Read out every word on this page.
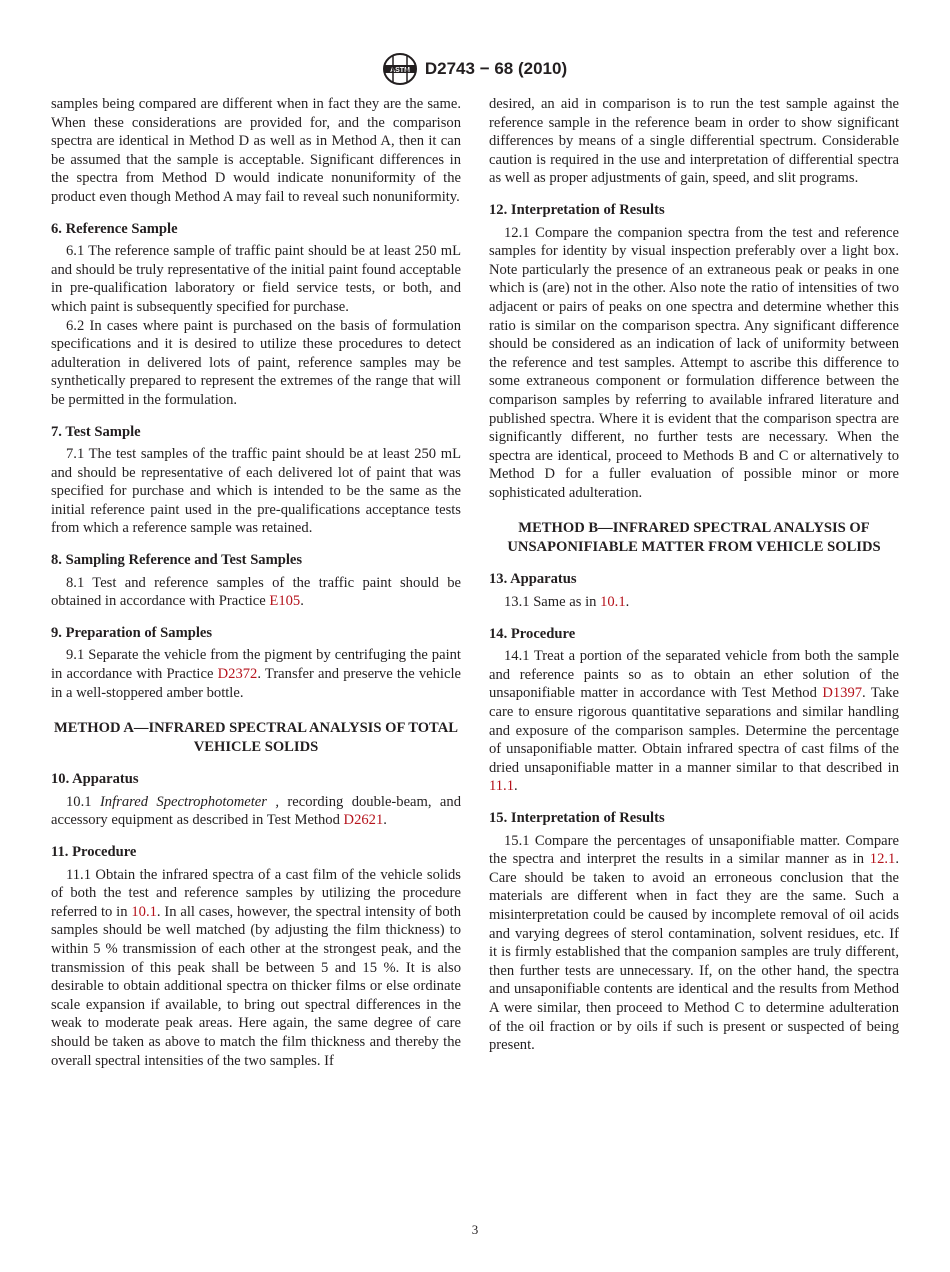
ASTM D2743 − 68 (2010)

samples being compared are different when in fact they are the same. When these considerations are provided for, and the comparison spectra are identical in Method D as well as in Method A, then it can be assumed that the sample is acceptable. Significant differences in the spectra from Method D would indicate nonuniformity of the product even though Method A may fail to reveal such nonuniformity.

6. Reference Sample

6.1 The reference sample of traffic paint should be at least 250 mL and should be truly representative of the initial paint found acceptable in pre-qualification laboratory or field service tests, or both, and which paint is subsequently specified for purchase.

6.2 In cases where paint is purchased on the basis of formulation specifications and it is desired to utilize these procedures to detect adulteration in delivered lots of paint, reference samples may be synthetically prepared to represent the extremes of the range that will be permitted in the formulation.

7. Test Sample

7.1 The test samples of the traffic paint should be at least 250 mL and should be representative of each delivered lot of paint that was specified for purchase and which is intended to be the same as the initial reference paint used in the pre-qualifications acceptance tests from which a reference sample was retained.

8. Sampling Reference and Test Samples

8.1 Test and reference samples of the traffic paint should be obtained in accordance with Practice E105.

9. Preparation of Samples

9.1 Separate the vehicle from the pigment by centrifuging the paint in accordance with Practice D2372. Transfer and preserve the vehicle in a well-stoppered amber bottle.

METHOD A—INFRARED SPECTRAL ANALYSIS OF TOTAL VEHICLE SOLIDS
10. Apparatus

10.1 Infrared Spectrophotometer , recording double-beam, and accessory equipment as described in Test Method D2621.

11. Procedure

11.1 Obtain the infrared spectra of a cast film of the vehicle solids of both the test and reference samples by utilizing the procedure referred to in 10.1. In all cases, however, the spectral intensity of both samples should be well matched (by adjusting the film thickness) to within 5 % transmission of each other at the strongest peak, and the transmission of this peak shall be between 5 and 15 %. It is also desirable to obtain additional spectra on thicker films or else ordinate scale expansion if available, to bring out spectral differences in the weak to moderate peak areas. Here again, the same degree of care should be taken as above to match the film thickness and thereby the overall spectral intensities of the two samples. If

desired, an aid in comparison is to run the test sample against the reference sample in the reference beam in order to show significant differences by means of a single differential spectrum. Considerable caution is required in the use and interpretation of differential spectra as well as proper adjustments of gain, speed, and slit programs.

12. Interpretation of Results

12.1 Compare the companion spectra from the test and reference samples for identity by visual inspection preferably over a light box. Note particularly the presence of an extraneous peak or peaks in one which is (are) not in the other. Also note the ratio of intensities of two adjacent or pairs of peaks on one spectra and determine whether this ratio is similar on the comparison spectra. Any significant difference should be considered as an indication of lack of uniformity between the reference and test samples. Attempt to ascribe this difference to some extraneous component or formulation difference between the comparison samples by referring to available infrared literature and published spectra. Where it is evident that the comparison spectra are significantly different, no further tests are necessary. When the spectra are identical, proceed to Methods B and C or alternatively to Method D for a fuller evaluation of possible minor or more sophisticated adulteration.

METHOD B—INFRARED SPECTRAL ANALYSIS OF UNSAPONIFIABLE MATTER FROM VEHICLE SOLIDS
13. Apparatus

13.1 Same as in 10.1.

14. Procedure

14.1 Treat a portion of the separated vehicle from both the sample and reference paints so as to obtain an ether solution of the unsaponifiable matter in accordance with Test Method D1397. Take care to ensure rigorous quantitative separations and similar handling and exposure of the comparison samples. Determine the percentage of unsaponifiable matter. Obtain infrared spectra of cast films of the dried unsaponifiable matter in a manner similar to that described in 11.1.

15. Interpretation of Results

15.1 Compare the percentages of unsaponifiable matter. Compare the spectra and interpret the results in a similar manner as in 12.1. Care should be taken to avoid an erroneous conclusion that the materials are different when in fact they are the same. Such a misinterpretation could be caused by incomplete removal of oil acids and varying degrees of sterol contamination, solvent residues, etc. If it is firmly established that the companion samples are truly different, then further tests are unnecessary. If, on the other hand, the spectra and unsaponifiable contents are identical and the results from Method A were similar, then proceed to Method C to determine adulteration of the oil fraction or by oils if such is present or suspected of being present.

3
